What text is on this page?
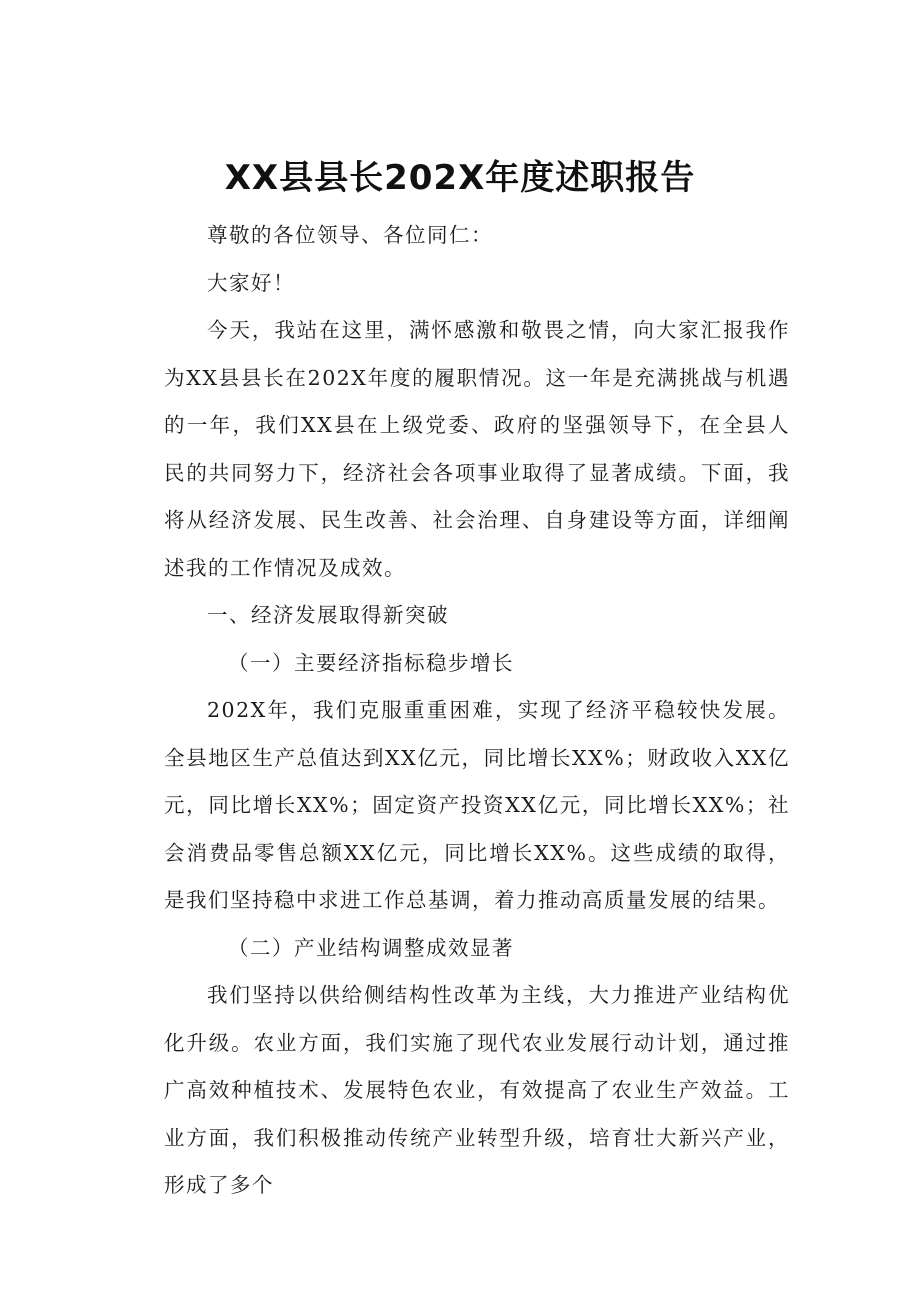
XX县县长202X年度述职报告

尊敬的各位领导、各位同仁：

大家好！

今天，我站在这里，满怀感激和敬畏之情，向大家汇报我作为XX县县长在202X年度的履职情况。这一年是充满挑战与机遇的一年，我们XX县在上级党委、政府的坚强领导下，在全县人民的共同努力下，经济社会各项事业取得了显著成绩。下面，我将从经济发展、民生改善、社会治理、自身建设等方面，详细阐述我的工作情况及成效。

一、经济发展取得新突破

（一）主要经济指标稳步增长

202X年，我们克服重重困难，实现了经济平稳较快发展。全县地区生产总值达到XX亿元，同比增长XX%；财政收入XX亿元，同比增长XX%；固定资产投资XX亿元，同比增长XX%；社会消费品零售总额XX亿元，同比增长XX%。这些成绩的取得，是我们坚持稳中求进工作总基调，着力推动高质量发展的结果。

（二）产业结构调整成效显著

我们坚持以供给侧结构性改革为主线，大力推进产业结构优化升级。农业方面，我们实施了现代农业发展行动计划，通过推广高效种植技术、发展特色农业，有效提高了农业生产效益。工业方面，我们积极推动传统产业转型升级，培育壮大新兴产业，形成了多个
